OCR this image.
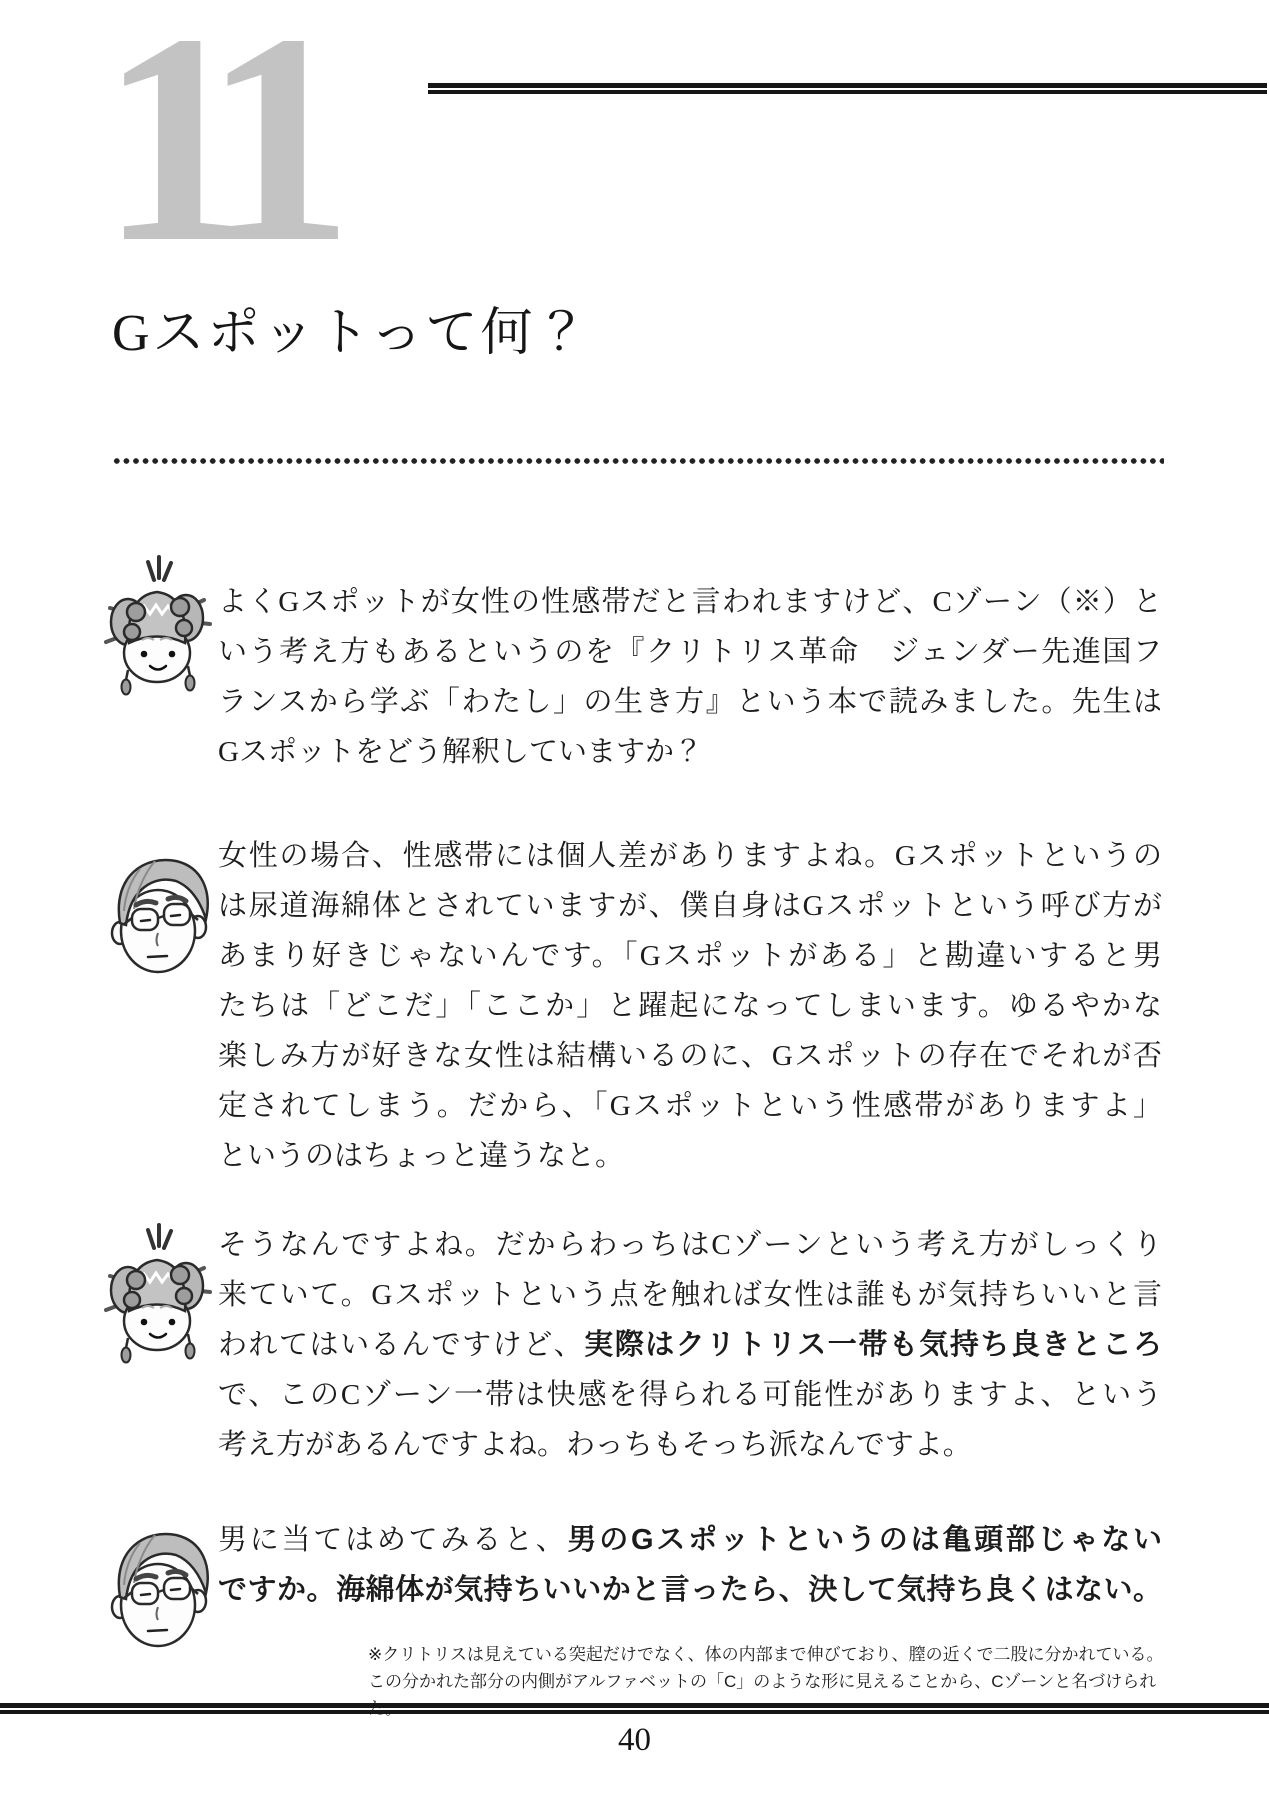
11
Gスポットって何？
よくGスポットが女性の性感帯だと言われますけど、Cゾーン（※）と
いう考え方もあるというのを『クリトリス革命　ジェンダー先進国フ
ランスから学ぶ「わたし」の生き方』という本で読みました。先生は
Gスポットをどう解釈していますか？
女性の場合、性感帯には個人差がありますよね。Gスポットというの
は尿道海綿体とされていますが、僕自身はGスポットという呼び方が
あまり好きじゃないんです。「Gスポットがある」と勘違いすると男
たちは「どこだ」「ここか」と躍起になってしまいます。ゆるやかな
楽しみ方が好きな女性は結構いるのに、Gスポットの存在でそれが否
定されてしまう。だから、「Gスポットという性感帯がありますよ」
というのはちょっと違うなと。
そうなんですよね。だからわっちはCゾーンという考え方がしっくり
来ていて。Gスポットという点を触れば女性は誰もが気持ちいいと言
われてはいるんですけど、実際はクリトリス一帯も気持ち良きところ
で、このCゾーン一帯は快感を得られる可能性がありますよ、という
考え方があるんですよね。わっちもそっち派なんですよ。
男に当てはめてみると、男のGスポットというのは亀頭部じゃない
ですか。海綿体が気持ちいいかと言ったら、決して気持ち良くはない。
※クリトリスは見えている突起だけでなく、体の内部まで伸びており、膣の近くで二股に分かれている。
この分かれた部分の内側がアルファベットの「C」のような形に見えることから、Cゾーンと名づけられた。
40
